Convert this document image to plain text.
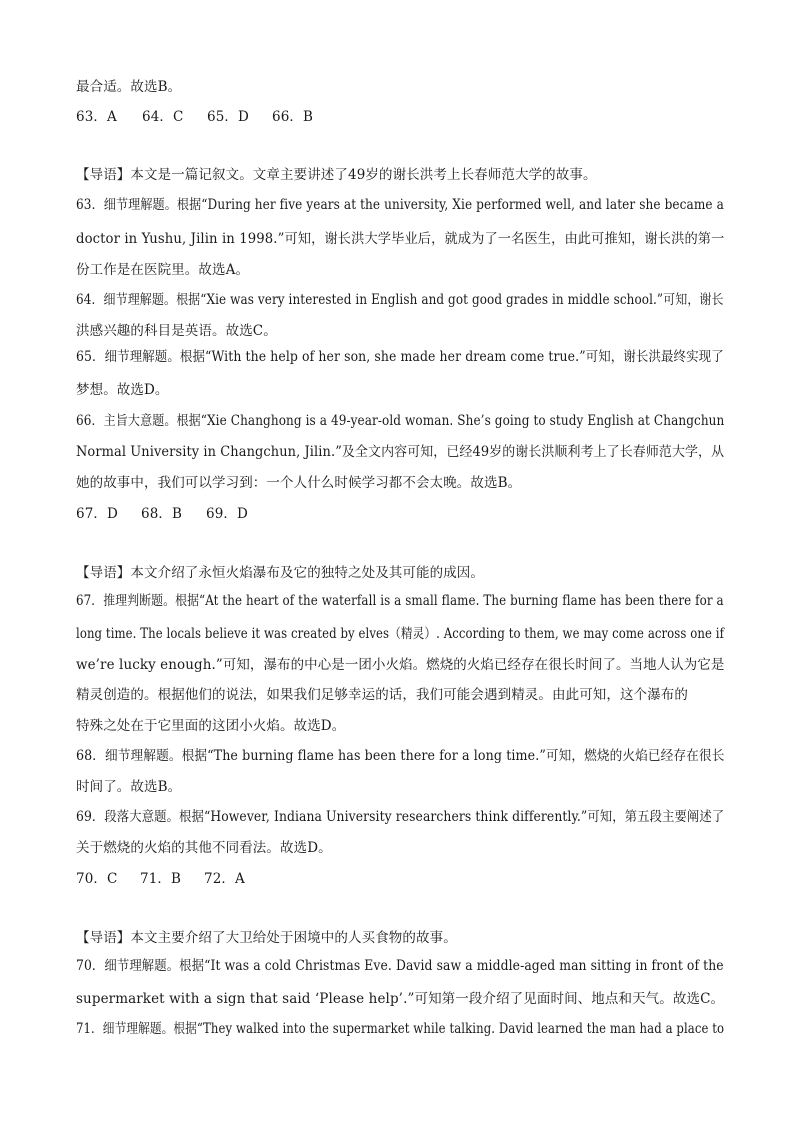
最合适。故选B。
63．A 64．C 65．D 66．B
【导语】本文是一篇记叙文。文章主要讲述了49岁的谢长洪考上长春师范大学的故事。
63．细节理解题。根据“During her five years at the university, Xie performed well, and later she became a
doctor in Yushu, Jilin in 1998.”可知，谢长洪大学毕业后，就成为了一名医生，由此可推知，谢长洪的第一
份工作是在医院里。故选A。
64．细节理解题。根据“Xie was very interested in English and got good grades in middle school.”可知，谢长
洪感兴趣的科目是英语。故选C。
65．细节理解题。根据“With the help of her son, she made her dream come true.”可知，谢长洪最终实现了
梦想。故选D。
66．主旨大意题。根据“Xie Changhong is a 49-year-old woman. She’s going to study English at Changchun
Normal University in Changchun, Jilin.”及全文内容可知，已经49岁的谢长洪顺利考上了长春师范大学，从
她的故事中，我们可以学习到：一个人什么时候学习都不会太晚。故选B。
67．D 68．B 69．D
【导语】本文介绍了永恒火焰瀑布及它的独特之处及其可能的成因。
67．推理判断题。根据“At the heart of the waterfall is a small flame. The burning flame has been there for a
long time. The locals believe it was created by elves（精灵）. According to them, we may come across one if
we’re lucky enough.”可知，瀑布的中心是一团小火焰。燃烧的火焰已经存在很长时间了。当地人认为它是
精灵创造的。根据他们的说法，如果我们足够幸运的话，我们可能会遇到精灵。由此可知，这个瀑布的
特殊之处在于它里面的这团小火焰。故选D。
68．细节理解题。根据“The burning flame has been there for a long time.”可知，燃烧的火焰已经存在很长
时间了。故选B。
69．段落大意题。根据“However, Indiana University researchers think differently.”可知，第五段主要阐述了
关于燃烧的火焰的其他不同看法。故选D。
70．C 71．B 72．A
【导语】本文主要介绍了大卫给处于困境中的人买食物的故事。
70．细节理解题。根据“It was a cold Christmas Eve. David saw a middle-aged man sitting in front of the
supermarket with a sign that said ‘Please help’.”可知第一段介绍了见面时间、地点和天气。故选C。
71．细节理解题。根据“They walked into the supermarket while talking. David learned the man had a place to
